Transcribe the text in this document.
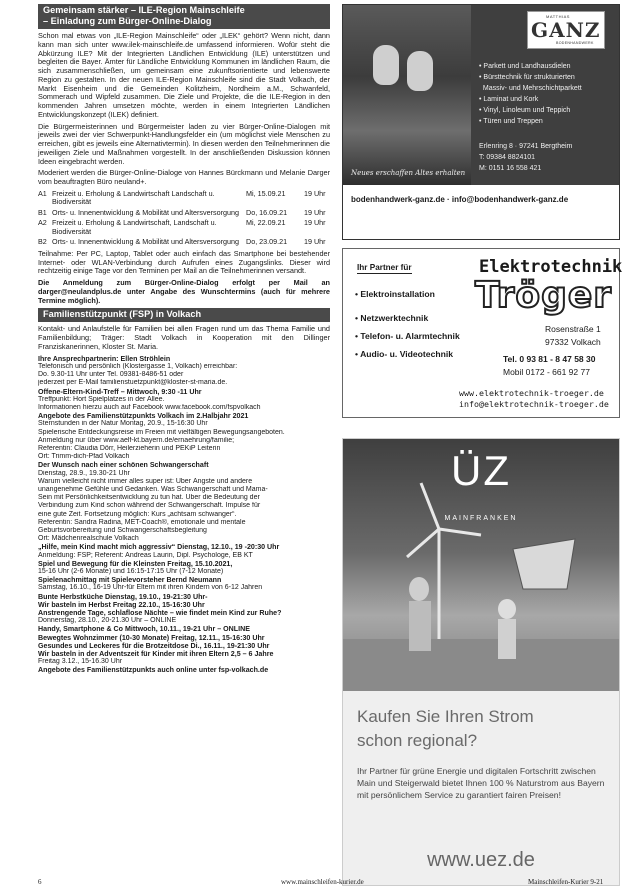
Gemeinsam stärker – ILE-Region Mainschleife
– Einladung zum Bürger-Online-Dialog

Schon mal etwas von „ILE-Region Mainschleife“ oder „ILEK“ gehört? Wenn nicht, dann kann man sich unter www.ilek-mainschleife.de umfassend informieren. Wofür steht die Abkürzung ILE? Mit der Integrierten Ländlichen Entwicklung (ILE) unterstützen und begleiten die Bayer. Ämter für Ländliche Entwicklung Kommunen im ländlichen Raum, die sich zusammenschließen, um gemeinsam eine zukunftsorientierte und lebenswerte Region zu gestalten. In der neuen ILE-Region Mainschleife sind die Stadt Volkach, der Markt Eisenheim und die Gemeinden Kolitzheim, Nordheim a.M., Schwanfeld, Sommerach und Wipfeld zusammen. Die Ziele und Projekte, die die ILE-Region in den kommenden Jahren umsetzen möchte, werden in einem Integrierten Ländlichen Entwicklungskonzept (ILEK) definiert.

Die Bürgermeisterinnen und Bürgermeister laden zu vier Bürger-Online-Dialogen mit jeweils zwei der vier Schwerpunkt-Handlungsfelder ein (um möglichst viele Menschen zu erreichen, gibt es jeweils eine Alternativtermin). In diesen werden den Teilnehmerinnen die jeweiligen Ziele und Maßnahmen vorgestellt. In der anschließenden Diskussion können Ideen eingebracht werden.

Moderiert werden die Bürger-Online-Dialoge von Hannes Bürckmann und Melanie Darger vom beauftragten Büro neuland+.

A1	Freizeit u. Erholung & Landwirtschaft Landschaft u. Biodiversität	Mi, 15.09.21	19 Uhr
B1	Orts- u. Innenentwicklung & Mobilität und Altersversorgung	Do, 16.09.21	19 Uhr
A2	Freizeit u. Erholung & Landwirtschaft, Landschaft u. Biodiversität	Mi, 22.09.21	19 Uhr
B2	Orts- u. Innenentwicklung & Mobilität und Altersversorgung	Do, 23.09.21	19 Uhr

Teilnahme: Per PC, Laptop, Tablet oder auch einfach das Smartphone bei bestehender Internet- oder WLAN-Verbindung durch Aufrufen eines Zugangslinks. Dieser wird rechtzeitig einige Tage vor den Terminen per Mail an die Teilnehmerinnen versandt.

Die Anmeldung zum Bürger-Online-Dialog erfolgt per Mail an darger@neulandplus.de unter Angabe des Wunschtermins (auch für mehrere Termine möglich).

Familienstützpunkt (FSP) in Volkach

Kontakt- und Anlaufstelle für Familien bei allen Fragen rund um das Thema Familie und Familienbildung; Träger: Stadt Volkach in Kooperation mit den Dillinger Franziskanerinnen, Kloster St. Maria.

Ihre Ansprechpartnerin: Ellen Ströhlein
Telefonisch und persönlich (Klostergasse 1, Volkach) erreichbar:
Do. 9.30-11 Uhr unter Tel. 09381-8486-51 oder
jederzeit per E-Mail familienstuetzpunkt@kloster-st-maria.de.
Offene-Eltern-Kind-Treff – Mittwoch, 9:30 -11 Uhr
Treffpunkt: Hort Spielplatzes in der Allee.
Informationen hierzu auch auf Facebook www.facebook.com/fspvolkach
Angebote des Familienstützpunkts Volkach im 2.Halbjahr 2021
Sternstunden in der Natur Montag, 20.9., 15-16:30 Uhr
Spielerische Entdeckungsreise im Freien mit vielfältigen Bewegungsangeboten.
Anmeldung nur über www.aelf-kt.bayern.de/ernaehrung/familie;
Referentin: Claudia Dörr, Heilerzieherin und PEKiP Leiterin
Ort: Trimm-dich-Pfad Volkach
Der Wunsch nach einer schönen Schwangerschaft
Dienstag, 28.9., 19.30-21 Uhr
Warum vielleicht nicht immer alles super ist: Über Ängste und andere
unangenehme Gefühle und Gedanken. Was Schwangerschaft und Mama-
Sein mit Persönlichkeitsentwicklung zu tun hat. Über die Bedeutung der
Verbindung zum Kind schon während der Schwangerschaft. Impulse für
eine gute Zeit. Fortsetzung möglich: Kurs „achtsam schwanger“.
Referentin: Sandra Radina, MET-Coach®, emotionale und mentale
Geburtsvorbereitung und Schwangerschaftsbegleitung
Ort: Mädchenrealschule Volkach
„Hilfe, mein Kind macht mich aggressiv“ Dienstag, 12.10., 19 -20:30 Uhr
Anmeldung: FSP; Referent: Andreas Laurin, Dipl. Psychologe, EB KT
Spiel und Bewegung für die Kleinsten Freitag, 15.10.2021,
15-16 Uhr (2-6 Monate) und 16:15-17:15 Uhr (7-12 Monate)
Spielenachmittag mit Spielevorsteher Bernd Neumann
Samstag, 16.10., 16-19 Uhr-für Eltern mit ihren Kindern von 6-12 Jahren
Bunte Herbstküche Dienstag, 19.10., 19-21:30 Uhr-
Wir basteln im Herbst Freitag 22.10., 15-16:30 Uhr
Anstrengende Tage, schlaflose Nächte – wie findet mein Kind zur Ruhe?
Donnerstag, 28.10., 20-21.30 Uhr – ONLINE
Handy, Smartphone & Co Mittwoch, 10.11., 19-21 Uhr – ONLINE
Bewegtes Wohnzimmer (10-30 Monate) Freitag, 12.11., 15-16:30 Uhr
Gesundes und Leckeres für die Brotzeitdose Di., 16.11., 19-21:30 Uhr
Wir basteln in der Adventszeit für Kinder mit ihren Eltern 2,5 – 6 Jahre
Freitag 3.12., 15-16.30 Uhr
Angebote des Familienstützpunkts auch online unter fsp-volkach.de
Neues erschaffen Altes erhalten
MATTHIAS
GANZ
BODENHANDWERK
• Parkett und Landhausdielen
• Bürsttechnik für strukturierten
Massiv- und Mehrschichtparkett
• Laminat und Kork
• Vinyl, Linoleum und Teppich
• Türen und Treppen
Erlenring 8 · 97241 Bergtheim
T: 09384 8824101
M: 0151 16 558 421
bodenhandwerk-ganz.de · info@bodenhandwerk-ganz.de
Elektrotechnik
Ihr Partner für
Tröger
• Elektroinstallation
• Netzwerktechnik
• Telefon- u. Alarmtechnik
• Audio- u. Videotechnik
Rosenstraße 1
97332 Volkach
Tel. 0 93 81 - 8 47 58 30
Mobil 0172 - 661 92 77
www.elektrotechnik-troeger.de
info@elektrotechnik-troeger.de
ÜZ
MAINFRANKEN
Kaufen Sie Ihren Strom
schon regional?
Ihr Partner für grüne Energie und digitalen Fortschritt zwischen Main und Steigerwald bietet Ihnen 100 % Naturstrom aus Bayern mit persönlichem Service zu garantiert fairen Preisen!
www.uez.de
6	www.mainschleifen-kurier.de	Mainschleifen-Kurier 9-21
